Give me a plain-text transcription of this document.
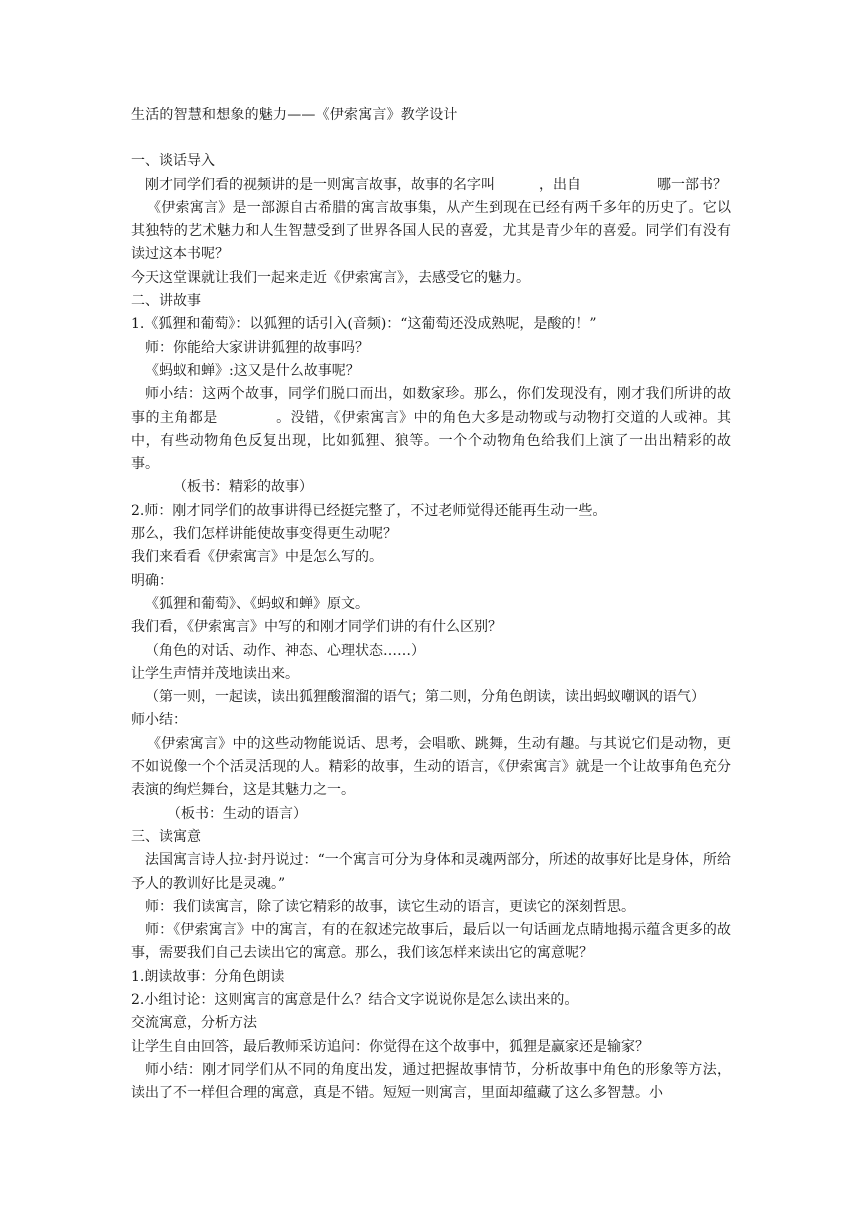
生活的智慧和想象的魅力——《伊索寓言》教学设计

一、谈话导入

刚才同学们看的视频讲的是一则寓言故事，故事的名字叫	，出自	哪一部书？

《伊索寓言》是一部源自古希腊的寓言故事集，从产生到现在已经有两千多年的历史了。它以其独特的艺术魅力和人生智慧受到了世界各国人民的喜爱，尤其是青少年的喜爱。同学们有没有读过这本书呢？

今天这堂课就让我们一起来走近《伊索寓言》，去感受它的魅力。

二、讲故事

1.《狐狸和葡萄》：以狐狸的话引入(音频)：“这葡萄还没成熟呢，是酸的！”

师：你能给大家讲讲狐狸的故事吗？

《蚂蚁和蝉》:这又是什么故事呢？

师小结：这两个故事，同学们脱口而出，如数家珍。那么，你们发现没有，刚才我们所讲的故事的主角都是	。没错，《伊索寓言》中的角色大多是动物或与动物打交道的人或神。其中，有些动物角色反复出现，比如狐狸、狼等。一个个动物角色给我们上演了一出出精彩的故事。

（板书：精彩的故事）

2.师：刚才同学们的故事讲得已经挺完整了，不过老师觉得还能再生动一些。

那么，我们怎样讲能使故事变得更生动呢？

我们来看看《伊索寓言》中是怎么写的。

明确：

《狐狸和葡萄》、《蚂蚁和蝉》原文。

我们看，《伊索寓言》中写的和刚才同学们讲的有什么区别？

（角色的对话、动作、神态、心理状态……）

让学生声情并茂地读出来。

（第一则，一起读，读出狐狸酸溜溜的语气；第二则，分角色朗读，读出蚂蚁嘲讽的语气）

师小结：

《伊索寓言》中的这些动物能说话、思考，会唱歌、跳舞，生动有趣。与其说它们是动物，更不如说像一个个活灵活现的人。精彩的故事，生动的语言，《伊索寓言》就是一个让故事角色充分表演的绚烂舞台，这是其魅力之一。

（板书：生动的语言）

三、读寓意

法国寓言诗人拉·封丹说过：“一个寓言可分为身体和灵魂两部分，所述的故事好比是身体，所给予人的教训好比是灵魂。”

师：我们读寓言，除了读它精彩的故事，读它生动的语言，更读它的深刻哲思。

师：《伊索寓言》中的寓言，有的在叙述完故事后，最后以一句话画龙点睛地揭示蕴含更多的故事，需要我们自己去读出它的寓意。那么，我们该怎样来读出它的寓意呢？

1.朗读故事：分角色朗读

2.小组讨论：这则寓言的寓意是什么？结合文字说说你是怎么读出来的。

交流寓意，分析方法

让学生自由回答，最后教师采访追问：你觉得在这个故事中，狐狸是赢家还是输家？

师小结：刚才同学们从不同的角度出发，通过把握故事情节，分析故事中角色的形象等方法，读出了不一样但合理的寓意，真是不错。短短一则寓言，里面却蕴藏了这么多智慧。小
